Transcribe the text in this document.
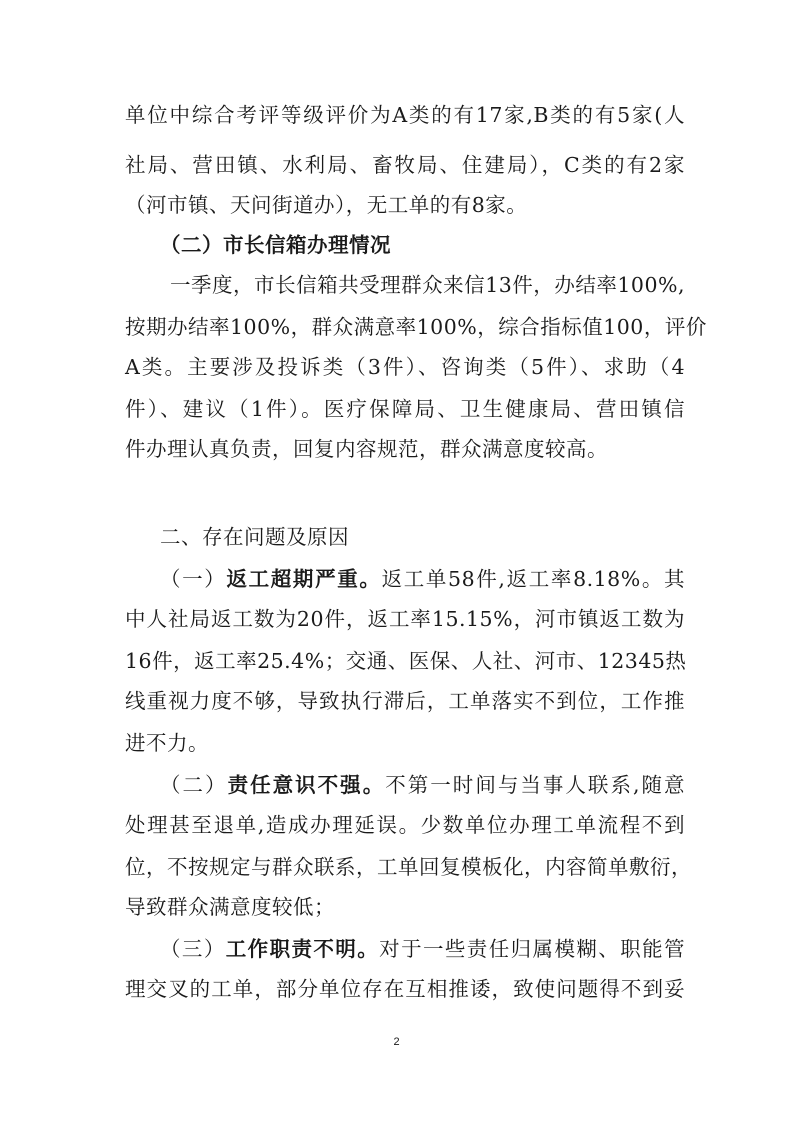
单位中综合考评等级评价为A类的有17家,B类的有5家(人
社局、营田镇、水利局、畜牧局、住建局），C类的有2家
（河市镇、天问街道办），无工单的有8家。
（二）市长信箱办理情况
一季度，市长信箱共受理群众来信13件，办结率100%,
按期办结率100%，群众满意率100%，综合指标值100，评价
A类。主要涉及投诉类（3件）、咨询类（5件）、求助（4
件）、建议（1件）。医疗保障局、卫生健康局、营田镇信
件办理认真负责，回复内容规范，群众满意度较高。
二、存在问题及原因
（一）返工超期严重。返工单58件,返工率8.18%。其
中人社局返工数为20件，返工率15.15%，河市镇返工数为
16件，返工率25.4%；交通、医保、人社、河市、12345热
线重视力度不够，导致执行滞后，工单落实不到位，工作推
进不力。
（二）责任意识不强。不第一时间与当事人联系,随意
处理甚至退单,造成办理延误。少数单位办理工单流程不到
位，不按规定与群众联系，工单回复模板化，内容简单敷衍，
导致群众满意度较低；
（三）工作职责不明。对于一些责任归属模糊、职能管
理交叉的工单，部分单位存在互相推诿，致使问题得不到妥
2
